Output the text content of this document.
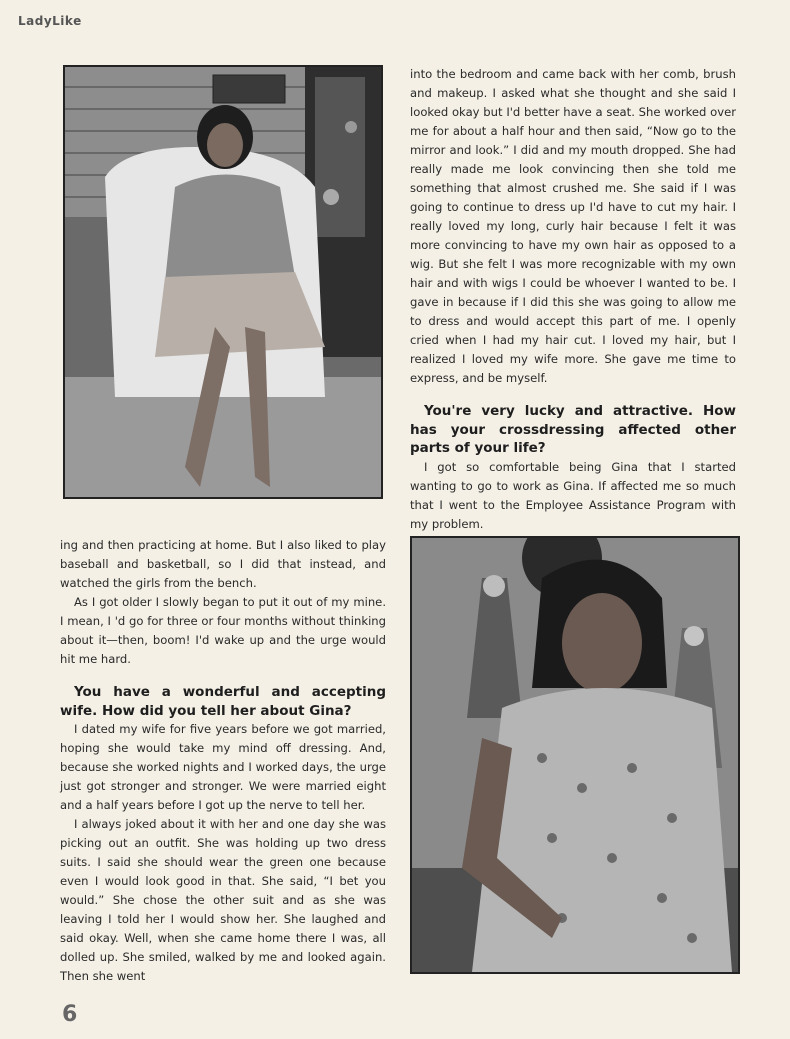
LadyLike

into the bedroom and came back with her comb, brush and makeup. I asked what she thought and she said I looked okay but I'd better have a seat. She worked over me for about a half hour and then said, “Now go to the mirror and look.” I did and my mouth dropped. She had really made me look convincing then she told me something that almost crushed me. She said if I was going to continue to dress up I'd have to cut my hair. I really loved my long, curly hair because I felt it was more convincing to have my own hair as opposed to a wig. But she felt I was more recognizable with my own hair and with wigs I could be whoever I wanted to be. I gave in because if I did this she was going to allow me to dress and would accept this part of me. I openly cried when I had my hair cut. I loved my hair, but I realized I loved my wife more. She gave me time to express, and be myself.

You're very lucky and attractive. How has your crossdressing affected other parts of your life?

I got so comfortable being Gina that I started wanting to go to work as Gina. If affected me so much that I went to the Employee Assistance Program with my problem.

ing and then practicing at home. But I also liked to play baseball and basketball, so I did that instead, and watched the girls from the bench.

As I got older I slowly began to put it out of my mine. I mean, I 'd go for three or four months without thinking about it—then, boom! I'd wake up and the urge would hit me hard.

You have a wonderful and accepting wife. How did you tell her about Gina?

I dated my wife for five years before we got married, hoping she would take my mind off dressing. And, because she worked nights and I worked days, the urge just got stronger and stronger. We were married eight and a half years before I got up the nerve to tell her.

I always joked about it with her and one day she was picking out an outfit. She was holding up two dress suits. I said she should wear the green one because even I would look good in that. She said, “I bet you would.” She chose the other suit and as she was leaving I told her I would show her. She laughed and said okay. Well, when she came home there I was, all dolled up. She smiled, walked by me and looked again. Then she went

6
